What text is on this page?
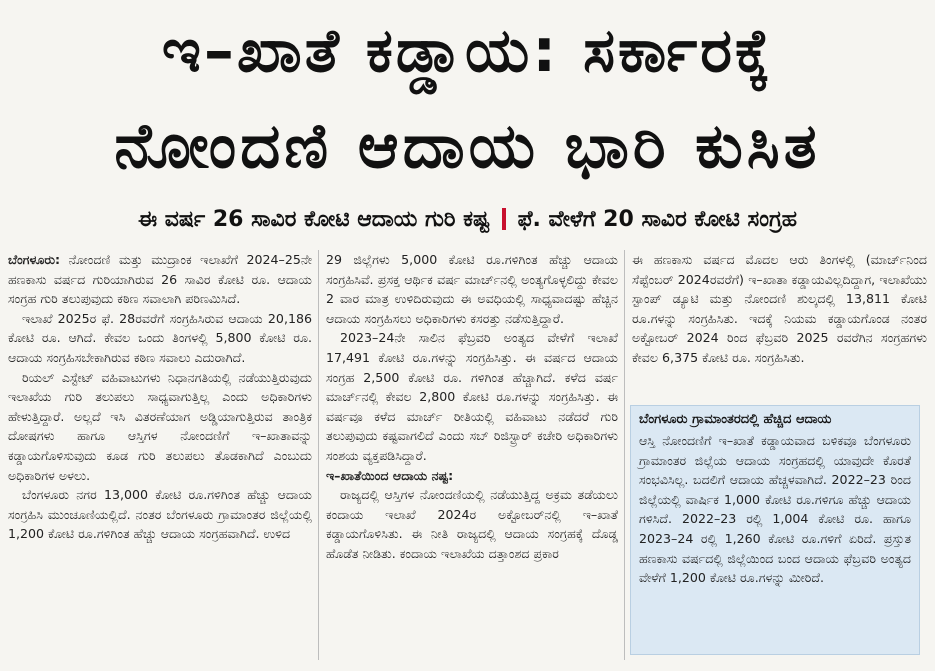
ಇ–ಖಾತೆ ಕಡ್ಡಾಯ: ಸರ್ಕಾರಕ್ಕೆ
ನೋಂದಣಿ ಆದಾಯ ಭಾರಿ ಕುಸಿತ
ಈ ವರ್ಷ 26 ಸಾವಿರ ಕೋಟಿ ಆದಾಯ ಗುರಿ ಕಷ್ಟ ಫೆ. ವೇಳೆಗೆ 20 ಸಾವಿರ ಕೋಟಿ ಸಂಗ್ರಹ

ಬೆಂಗಳೂರು: ನೋಂದಣಿ ಮತ್ತು ಮುದ್ರಾಂಕ ಇಲಾಖೆಗೆ 2024–25ನೇ ಹಣಕಾಸು ವರ್ಷದ ಗುರಿಯಾಗಿರುವ 26 ಸಾವಿರ ಕೋಟಿ ರೂ. ಆದಾಯ ಸಂಗ್ರಹ ಗುರಿ ತಲುಪುವುದು ಕಠಿಣ ಸವಾಲಾಗಿ ಪರಿಣಮಿಸಿದೆ.

ಇಲಾಖೆ 2025ರ ಫೆ. 28ರವರೆಗೆ ಸಂಗ್ರಹಿಸಿರುವ ಆದಾಯ 20,186 ಕೋಟಿ ರೂ. ಆಗಿದೆ. ಕೇವಲ ಒಂದು ತಿಂಗಳಲ್ಲಿ 5,800 ಕೋಟಿ ರೂ. ಆದಾಯ ಸಂಗ್ರಹಿಸಬೇಕಾಗಿರುವ ಕಠಿಣ ಸವಾಲು ಎದುರಾಗಿದೆ.

ರಿಯಲ್ ಎಸ್ಟೇಟ್ ವಹಿವಾಟುಗಳು ನಿಧಾನಗತಿಯಲ್ಲಿ ನಡೆಯುತ್ತಿರುವುದು ಇಲಾಖೆಯ ಗುರಿ ತಲುಪಲು ಸಾಧ್ಯವಾಗುತ್ತಿಲ್ಲ ಎಂದು ಅಧಿಕಾರಿಗಳು ಹೇಳುತ್ತಿದ್ದಾರೆ. ಅಲ್ಲದೆ ಇಸಿ ವಿತರಣೆಯಾಗ ಅಡ್ಡಿಯಾಗುತ್ತಿರುವ ತಾಂತ್ರಿಕ ದೋಷಗಳು ಹಾಗೂ ಆಸ್ತಿಗಳ ನೋಂದಣಿಗೆ ಇ–ಖಾತಾವನ್ನು ಕಡ್ಡಾಯಗೊಳಿಸುವುದು ಕೂಡ ಗುರಿ ತಲುಪಲು ತೊಡಕಾಗಿದೆ ಎಂಬುದು ಅಧಿಕಾರಿಗಳ ಅಳಲು.

ಬೆಂಗಳೂರು ನಗರ 13,000 ಕೋಟಿ ರೂ.ಗಳಿಗಿಂತ ಹೆಚ್ಚು ಆದಾಯ ಸಂಗ್ರಹಿಸಿ ಮುಂಚೂಣಿಯಲ್ಲಿದೆ. ನಂತರ ಬೆಂಗಳೂರು ಗ್ರಾಮಾಂತರ ಜಿಲ್ಲೆಯಲ್ಲಿ 1,200 ಕೋಟಿ ರೂ.ಗಳಿಗಿಂತ ಹೆಚ್ಚು ಆದಾಯ ಸಂಗ್ರಹವಾಗಿದೆ. ಉಳಿದ

29 ಜಿಲ್ಲೆಗಳು 5,000 ಕೋಟಿ ರೂ.ಗಳಿಗಿಂತ ಹೆಚ್ಚು ಆದಾಯ ಸಂಗ್ರಹಿಸಿವೆ. ಪ್ರಸಕ್ತ ಆರ್ಥಿಕ ವರ್ಷ ಮಾರ್ಚ್‌ನಲ್ಲಿ ಅಂತ್ಯಗೊಳ್ಳಲಿದ್ದು ಕೇವಲ 2 ವಾರ ಮಾತ್ರ ಉಳಿದಿರುವುದು ಈ ಅವಧಿಯಲ್ಲಿ ಸಾಧ್ಯವಾದಷ್ಟು ಹೆಚ್ಚಿನ ಆದಾಯ ಸಂಗ್ರಹಿಸಲು ಅಧಿಕಾರಿಗಳು ಕಸರತ್ತು ನಡೆಸುತ್ತಿದ್ದಾರೆ.

2023–24ನೇ ಸಾಲಿನ ಫೆಬ್ರವರಿ ಅಂತ್ಯದ ವೇಳೆಗೆ ಇಲಾಖೆ 17,491 ಕೋಟಿ ರೂ.ಗಳನ್ನು ಸಂಗ್ರಹಿಸಿತ್ತು. ಈ ವರ್ಷದ ಆದಾಯ ಸಂಗ್ರಹ 2,500 ಕೋಟಿ ರೂ. ಗಳಿಗಿಂತ ಹೆಚ್ಚಾಗಿದೆ. ಕಳೆದ ವರ್ಷ ಮಾರ್ಚ್‌ನಲ್ಲಿ ಕೇವಲ 2,800 ಕೋಟಿ ರೂ.ಗಳನ್ನು ಸಂಗ್ರಹಿಸಿತ್ತು. ಈ ವರ್ಷವೂ ಕಳೆದ ಮಾರ್ಚ್ ರೀತಿಯಲ್ಲಿ ವಹಿವಾಟು ನಡೆದರೆ ಗುರಿ ತಲುಪುವುದು ಕಷ್ಟವಾಗಲಿದೆ ಎಂದು ಸಬ್ ರಿಜಿಸ್ಟ್ರಾರ್ ಕಚೇರಿ ಅಧಿಕಾರಿಗಳು ಸಂಶಯ ವ್ಯಕ್ತಪಡಿಸಿದ್ದಾರೆ.

ಇ–ಖಾತೆಯಿಂದ ಆದಾಯ ನಷ್ಟ:

ರಾಜ್ಯದಲ್ಲಿ ಆಸ್ತಿಗಳ ನೋಂದಣಿಯಲ್ಲಿ ನಡೆಯುತ್ತಿದ್ದ ಅಕ್ರಮ ತಡೆಯಲು ಕಂದಾಯ ಇಲಾಖೆ 2024ರ ಅಕ್ಟೋಬರ್‌ನಲ್ಲಿ ಇ–ಖಾತೆ ಕಡ್ಡಾಯಗೊಳಿಸಿತು. ಈ ನೀತಿ ರಾಜ್ಯದಲ್ಲಿ ಆದಾಯ ಸಂಗ್ರಹಕ್ಕೆ ದೊಡ್ಡ ಹೊಡೆತ ನೀಡಿತು. ಕಂದಾಯ ಇಲಾಖೆಯ ದತ್ತಾಂಶದ ಪ್ರಕಾರ

ಈ ಹಣಕಾಸು ವರ್ಷದ ಮೊದಲ ಆರು ತಿಂಗಳಲ್ಲಿ (ಮಾರ್ಚ್‌ನಿಂದ ಸೆಪ್ಟೆಂಬರ್ 2024ರವರೆಗೆ) ಇ–ಖಾತಾ ಕಡ್ಡಾಯವಿಲ್ಲದಿದ್ದಾಗ, ಇಲಾಖೆಯು ಸ್ಟಾಂಪ್ ಡ್ಯೂಟಿ ಮತ್ತು ನೋಂದಣಿ ಶುಲ್ಕದಲ್ಲಿ 13,811 ಕೋಟಿ ರೂ.ಗಳನ್ನು ಸಂಗ್ರಹಿಸಿತು. ಇದಕ್ಕೆ ನಿಯಮ ಕಡ್ಡಾಯಗೊಂಡ ನಂತರ ಅಕ್ಟೋಬರ್ 2024 ರಿಂದ ಫೆಬ್ರವರಿ 2025 ರವರೆಗಿನ ಸಂಗ್ರಹಗಳು ಕೇವಲ 6,375 ಕೋಟಿ ರೂ. ಸಂಗ್ರಹಿಸಿತು.

ಬೆಂಗಳೂರು ಗ್ರಾಮಾಂತರದಲ್ಲಿ ಹೆಚ್ಚಿದ ಆದಾಯ
ಆಸ್ತಿ ನೋಂದಣಿಗೆ ಇ–ಖಾತೆ ಕಡ್ಡಾಯವಾದ ಬಳಿಕವೂ ಬೆಂಗಳೂರು ಗ್ರಾಮಾಂತರ ಜಿಲ್ಲೆಯ ಆದಾಯ ಸಂಗ್ರಹದಲ್ಲಿ ಯಾವುದೇ ಕೊರತೆ ಸಂಭವಿಸಿಲ್ಲ. ಬದಲಿಗೆ ಆದಾಯ ಹೆಚ್ಚಳವಾಗಿದೆ. 2022–23 ರಿಂದ ಜಿಲ್ಲೆಯಲ್ಲಿ ವಾರ್ಷಿಕ 1,000 ಕೋಟಿ ರೂ.ಗಳಿಗೂ ಹೆಚ್ಚು ಆದಾಯ ಗಳಿಸಿದೆ. 2022–23 ರಲ್ಲಿ 1,004 ಕೋಟಿ ರೂ. ಹಾಗೂ 2023–24 ರಲ್ಲಿ 1,260 ಕೋಟಿ ರೂ.ಗಳಿಗೆ ಏರಿದೆ. ಪ್ರಸ್ತುತ ಹಣಕಾಸು ವರ್ಷದಲ್ಲಿ ಜಿಲ್ಲೆಯಿಂದ ಬಂದ ಆದಾಯ ಫೆಬ್ರವರಿ ಅಂತ್ಯದ ವೇಳೆಗೆ 1,200 ಕೋಟಿ ರೂ.ಗಳನ್ನು ಮೀರಿದೆ.
